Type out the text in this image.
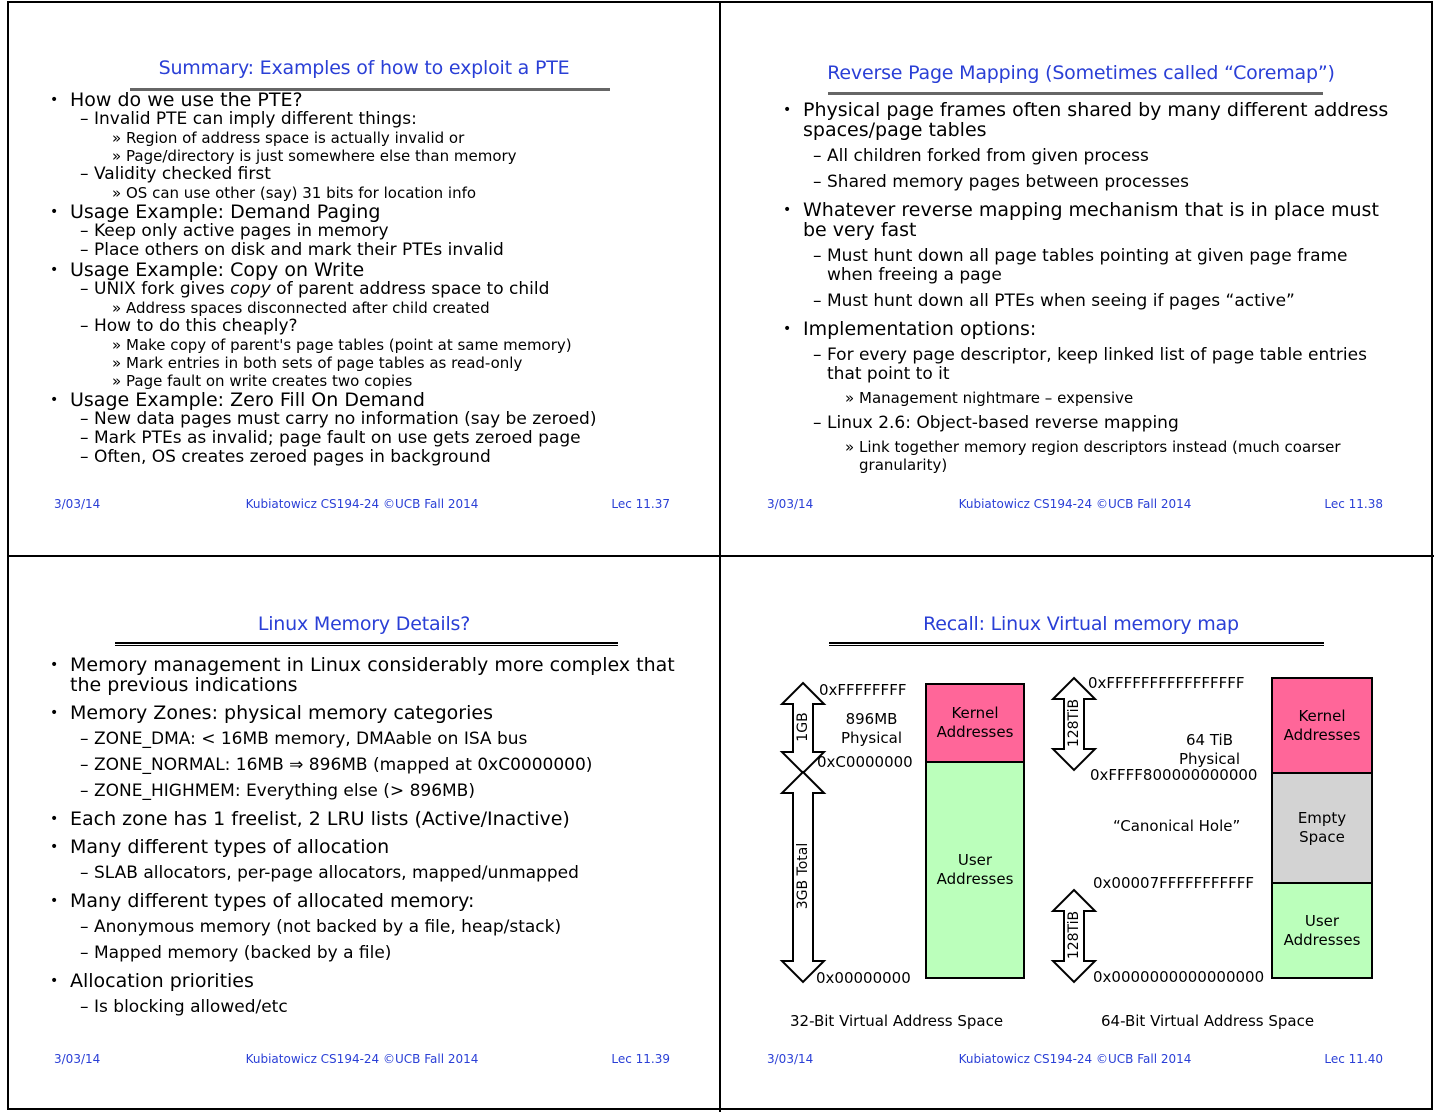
Summary: Examples of how to exploit a PTE
• How do we use the PTE?
– Invalid PTE can imply different things:
» Region of address space is actually invalid or
» Page/directory is just somewhere else than memory
– Validity checked first
» OS can use other (say) 31 bits for location info
• Usage Example: Demand Paging
– Keep only active pages in memory
– Place others on disk and mark their PTEs invalid
• Usage Example: Copy on Write
– UNIX fork gives copy of parent address space to child
» Address spaces disconnected after child created
– How to do this cheaply?
» Make copy of parent's page tables (point at same memory)
» Mark entries in both sets of page tables as read-only
» Page fault on write creates two copies
• Usage Example: Zero Fill On Demand
– New data pages must carry no information (say be zeroed)
– Mark PTEs as invalid; page fault on use gets zeroed page
– Often, OS creates zeroed pages in background
3/03/14	Kubiatowicz CS194-24 ©UCB Fall 2014	Lec 11.37
Reverse Page Mapping (Sometimes called “Coremap”)
• Physical page frames often shared by many different address spaces/page tables
– All children forked from given process
– Shared memory pages between processes
• Whatever reverse mapping mechanism that is in place must be very fast
– Must hunt down all page tables pointing at given page frame when freeing a page
– Must hunt down all PTEs when seeing if pages “active”
• Implementation options:
– For every page descriptor, keep linked list of page table entries that point to it
» Management nightmare – expensive
– Linux 2.6: Object-based reverse mapping
» Link together memory region descriptors instead (much coarser granularity)
3/03/14	Kubiatowicz CS194-24 ©UCB Fall 2014	Lec 11.38
Linux Memory Details?
• Memory management in Linux considerably more complex that the previous indications
• Memory Zones: physical memory categories
– ZONE_DMA: < 16MB memory, DMAable on ISA bus
– ZONE_NORMAL: 16MB ⇒ 896MB (mapped at 0xC0000000)
– ZONE_HIGHMEM: Everything else (> 896MB)
• Each zone has 1 freelist, 2 LRU lists (Active/Inactive)
• Many different types of allocation
– SLAB allocators, per-page allocators, mapped/unmapped
• Many different types of allocated memory:
– Anonymous memory (not backed by a file, heap/stack)
– Mapped memory (backed by a file)
• Allocation priorities
– Is blocking allowed/etc
3/03/14	Kubiatowicz CS194-24 ©UCB Fall 2014	Lec 11.39
Recall: Linux Virtual memory map
1GB
3GB Total
0xFFFFFFFF
896MB
Physical
0xC0000000
0x00000000
Kernel
Addresses
User
Addresses
32-Bit Virtual Address Space
128TiB
128TiB
0xFFFFFFFFFFFFFFFF
64 TiB
Physical
0xFFFF800000000000
“Canonical Hole”
0x00007FFFFFFFFFFF
0x0000000000000000
Kernel
Addresses
Empty
Space
User
Addresses
64-Bit Virtual Address Space
3/03/14	Kubiatowicz CS194-24 ©UCB Fall 2014	Lec 11.40
